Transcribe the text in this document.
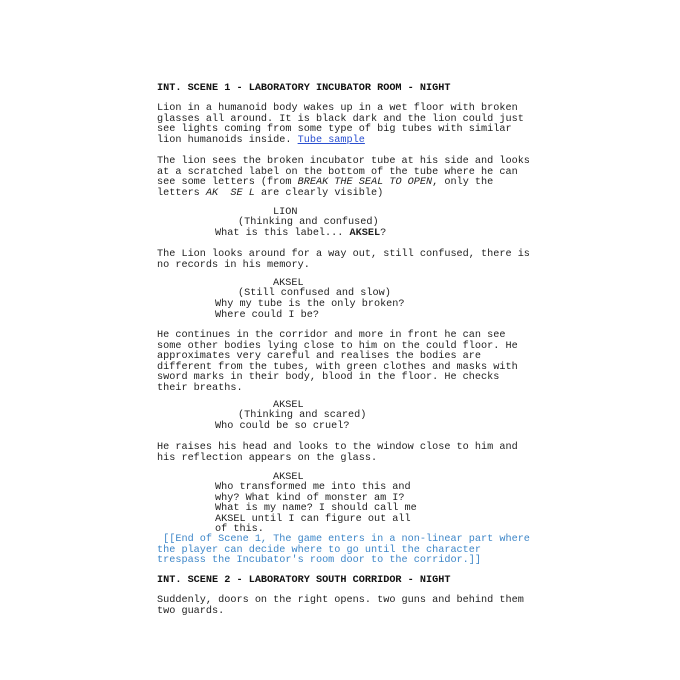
INT. SCENE 1 - LABORATORY INCUBATOR ROOM - NIGHT
Lion in a humanoid body wakes up in a wet floor with broken
glasses all around. It is black dark and the lion could just
see lights coming from some type of big tubes with similar
lion humanoids inside. Tube sample
The lion sees the broken incubator tube at his side and looks
at a scratched label on the bottom of the tube where he can
see some letters (from BREAK THE SEAL TO OPEN, only the
letters AK  SE L are clearly visible)
LION
(Thinking and confused)
What is this label... AKSEL?
The Lion looks around for a way out, still confused, there is
no records in his memory.
AKSEL
(Still confused and slow)
Why my tube is the only broken?
Where could I be?
He continues in the corridor and more in front he can see
some other bodies lying close to him on the could floor. He
approximates very careful and realises the bodies are
different from the tubes, with green clothes and masks with
sword marks in their body, blood in the floor. He checks
their breaths.
AKSEL
(Thinking and scared)
Who could be so cruel?
He raises his head and looks to the window close to him and
his reflection appears on the glass.
AKSEL
Who transformed me into this and
why? What kind of monster am I?
What is my name? I should call me
AKSEL until I can figure out all
of this.
[[End of Scene 1, The game enters in a non-linear part where
the player can decide where to go until the character
trespass the Incubator's room door to the corridor.]]
INT. SCENE 2 - LABORATORY SOUTH CORRIDOR - NIGHT
Suddenly, doors on the right opens. two guns and behind them
two guards.
